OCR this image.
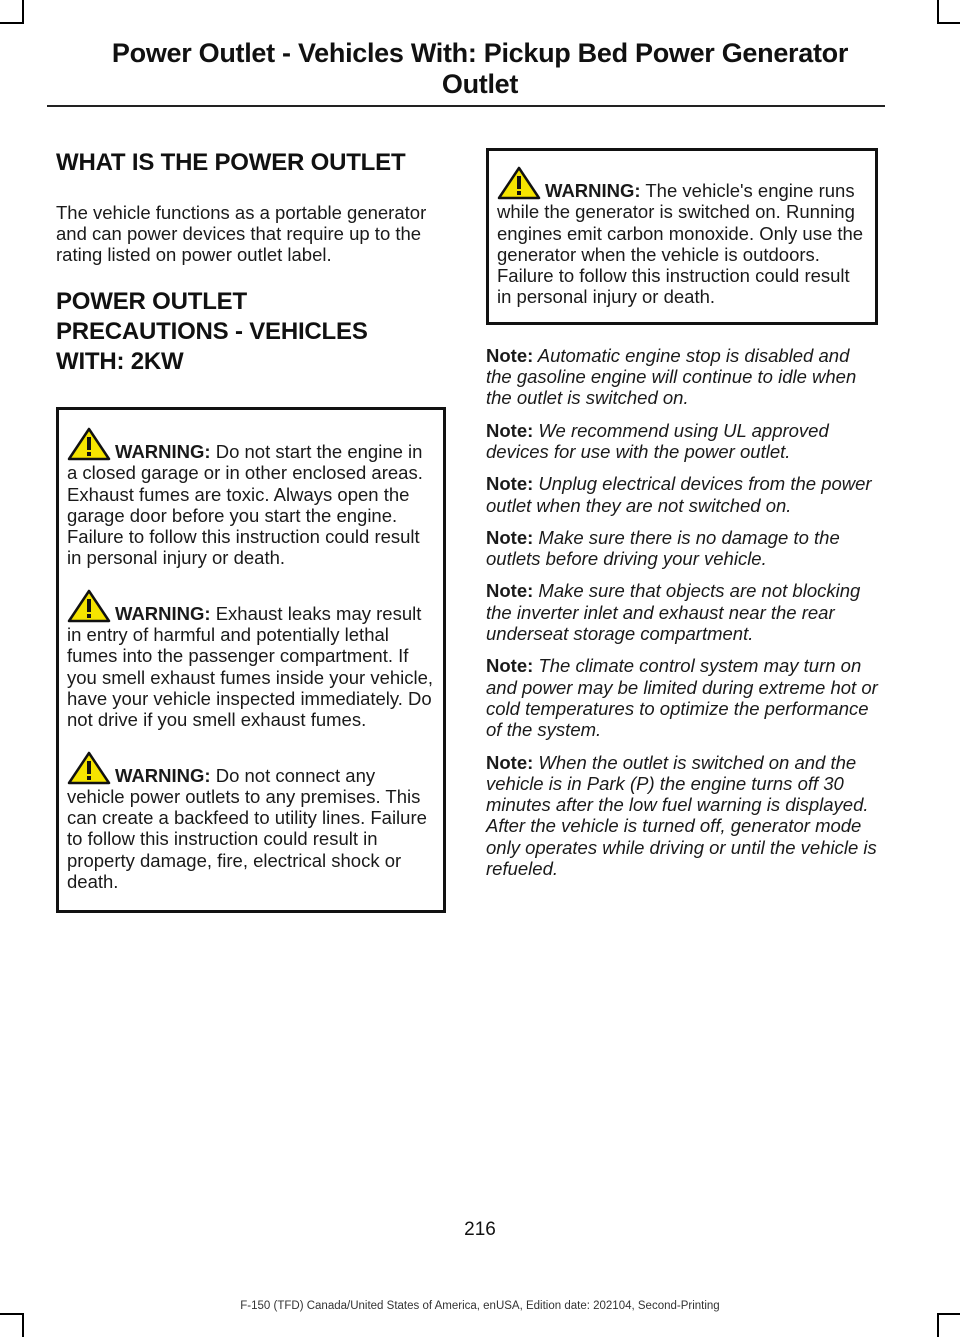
Power Outlet - Vehicles With: Pickup Bed Power Generator
Outlet
WHAT IS THE POWER OUTLET

The vehicle functions as a portable generator and can power devices that require up to the rating listed on power outlet label.

POWER OUTLET
PRECAUTIONS - VEHICLES
WITH: 2KW

WARNING: Do not start the engine in a closed garage or in other enclosed areas. Exhaust fumes are toxic. Always open the garage door before you start the engine. Failure to follow this instruction could result in personal injury or death.

WARNING: Exhaust leaks may result in entry of harmful and potentially lethal fumes into the passenger compartment. If you smell exhaust fumes inside your vehicle, have your vehicle inspected immediately. Do not drive if you smell exhaust fumes.

WARNING: Do not connect any vehicle power outlets to any premises. This can create a backfeed to utility lines. Failure to follow this instruction could result in property damage, fire, electrical shock or death.

WARNING: The vehicle's engine runs while the generator is switched on. Running engines emit carbon monoxide. Only use the generator when the vehicle is outdoors. Failure to follow this instruction could result in personal injury or death.

Note: Automatic engine stop is disabled and the gasoline engine will continue to idle when the outlet is switched on.

Note: We recommend using UL approved devices for use with the power outlet.

Note: Unplug electrical devices from the power outlet when they are not switched on.

Note: Make sure there is no damage to the outlets before driving your vehicle.

Note: Make sure that objects are not blocking the inverter inlet and exhaust near the rear underseat storage compartment.

Note: The climate control system may turn on and power may be limited during extreme hot or cold temperatures to optimize the performance of the system.

Note: When the outlet is switched on and the vehicle is in Park (P) the engine turns off 30 minutes after the low fuel warning is displayed. After the vehicle is turned off, generator mode only operates while driving or until the vehicle is refueled.

216
F-150 (TFD) Canada/United States of America, enUSA, Edition date: 202104, Second-Printing
